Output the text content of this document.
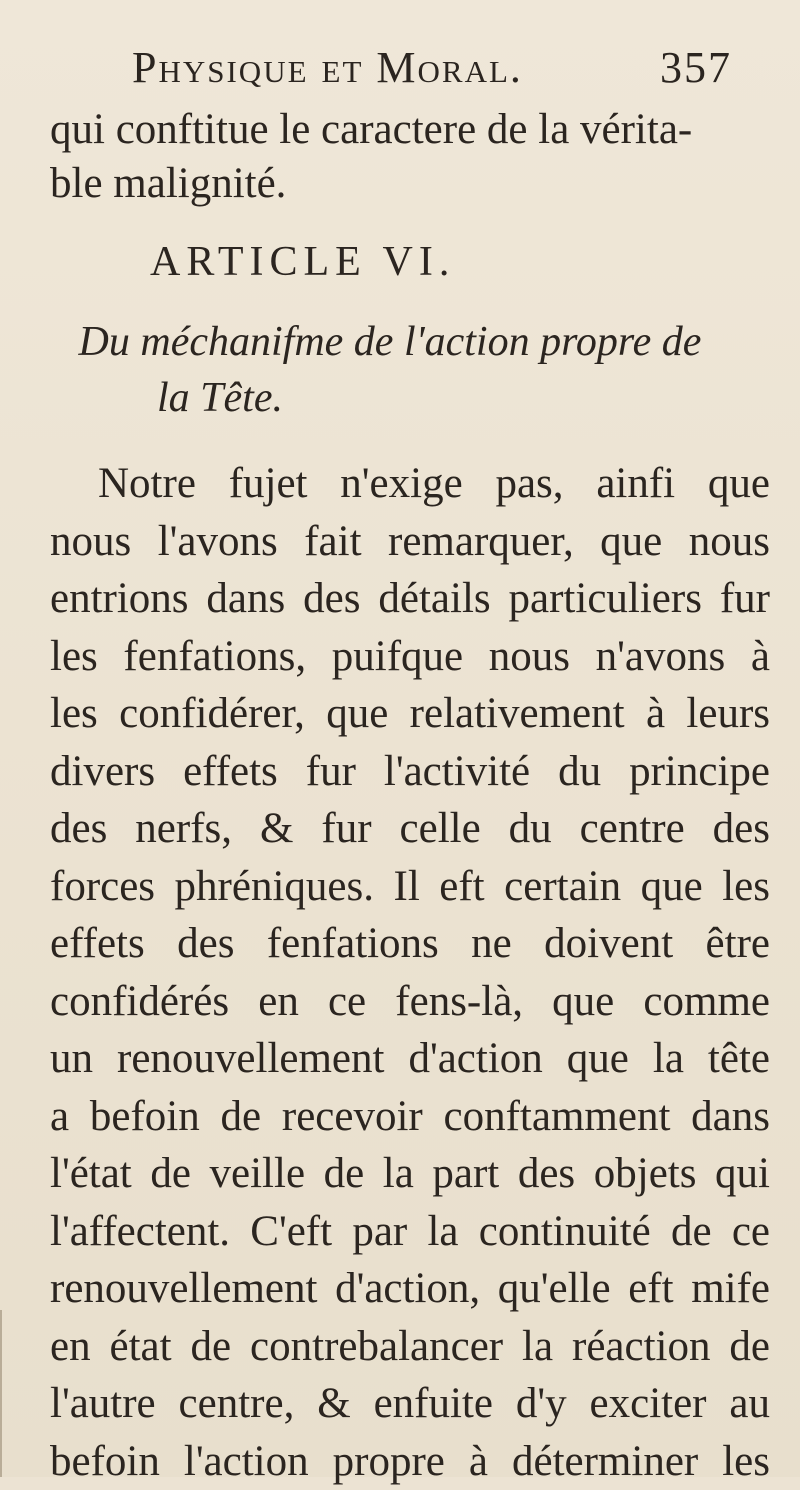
Physique et Moral.	357
qui conftitue le caractere de la vérita-
ble malignité.
ARTICLE VI.
Du méchanifme de l'action propre de
la Tête.
Notre fujet n'exige pas, ainfi que
nous l'avons fait remarquer, que nous
entrions dans des détails particuliers fur
les fenfations, puifque nous n'avons à
les confidérer, que relativement à leurs
divers effets fur l'activité du principe
des nerfs, & fur celle du centre des
forces phréniques. Il eft certain que les
effets des fenfations ne doivent être
confidérés en ce fens-là, que comme
un renouvellement d'action que la tête
a befoin de recevoir conftamment dans
l'état de veille de la part des objets qui
l'affectent. C'eft par la continuité de ce
renouvellement d'action, qu'elle eft mife
en état de contrebalancer la réaction de
l'autre centre, & enfuite d'y exciter au
befoin l'action propre à déterminer les
